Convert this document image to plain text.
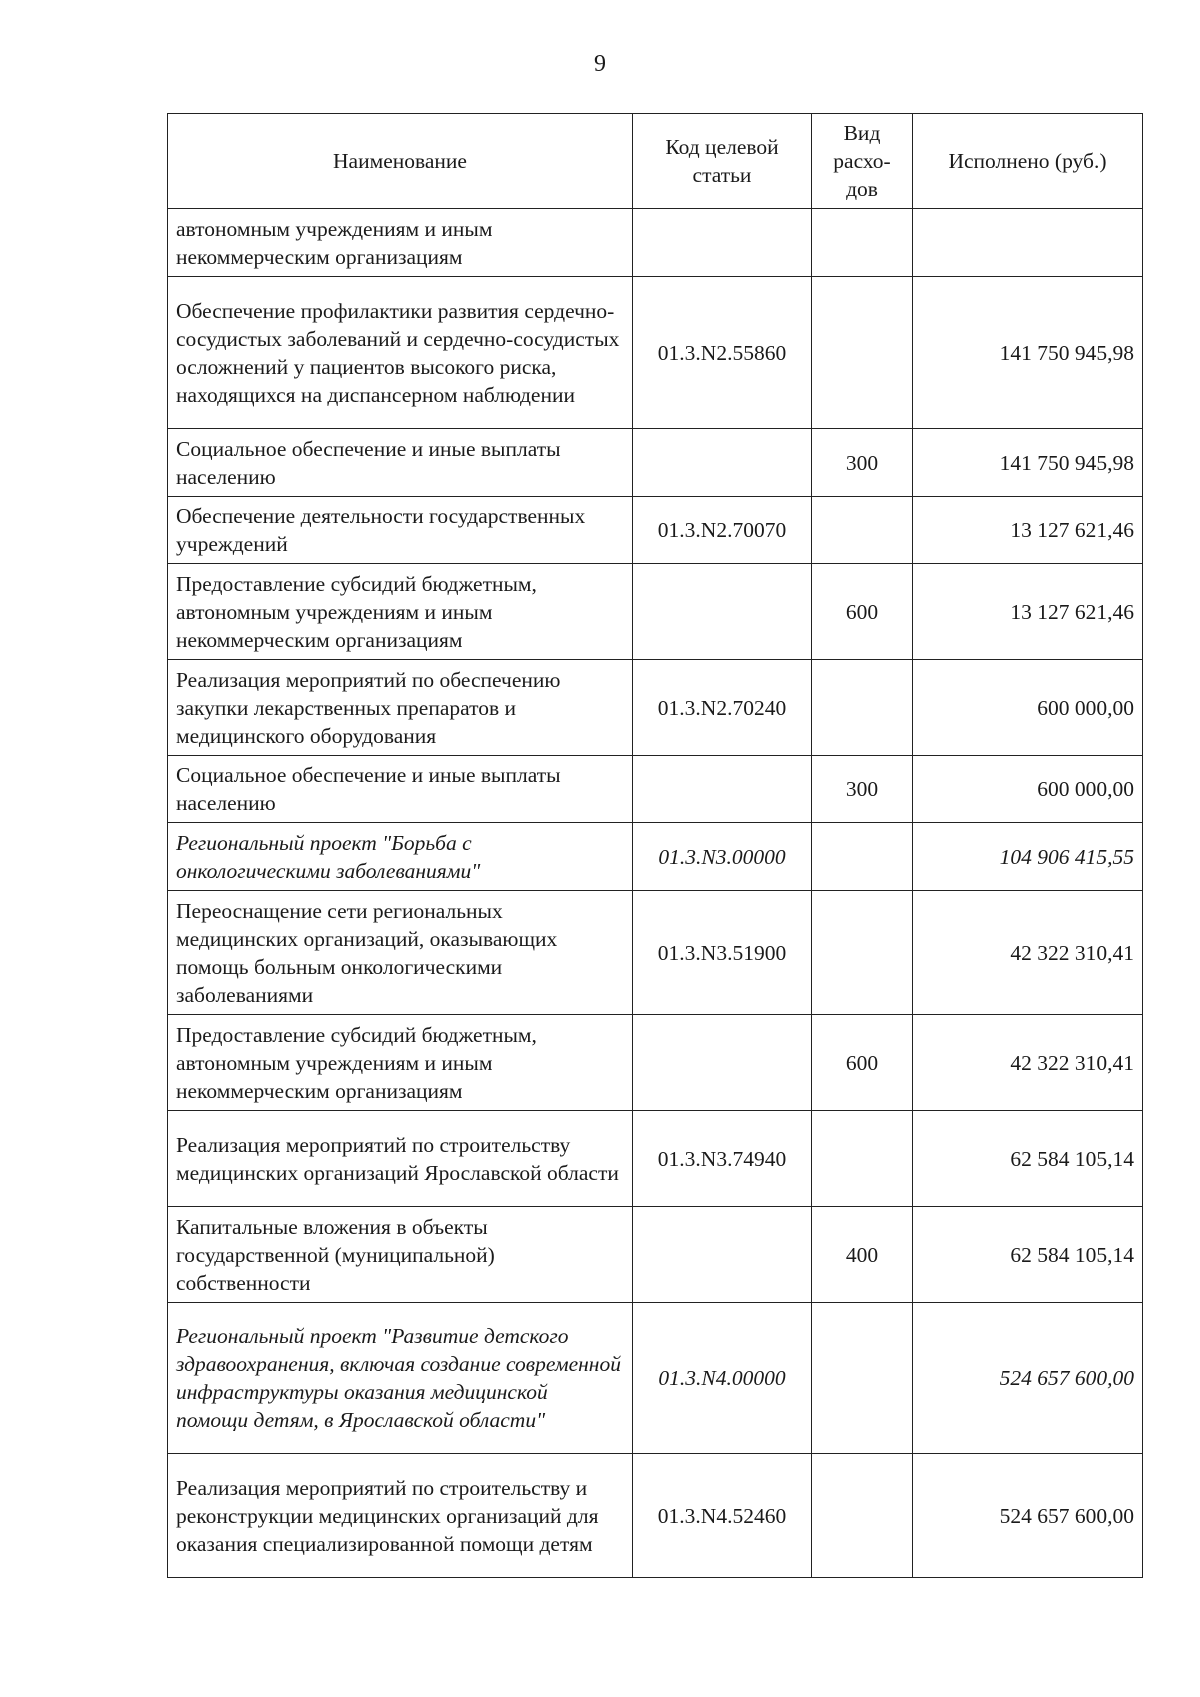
9
Наименование	Код целевой статьи	Вид расхо- дов	Исполнено (руб.)
автономным учреждениям и иным некоммерческим организациям			
Обеспечение профилактики развития сердечно-сосудистых заболеваний и сердечно-сосудистых осложнений у пациентов высокого риска, находящихся на диспансерном наблюдении	01.3.N2.55860		141 750 945,98
Социальное обеспечение и иные выплаты населению		300	141 750 945,98
Обеспечение деятельности государственных учреждений	01.3.N2.70070		13 127 621,46
Предоставление субсидий бюджетным, автономным учреждениям и иным некоммерческим организациям		600	13 127 621,46
Реализация мероприятий по обеспечению закупки лекарственных препаратов и медицинского оборудования	01.3.N2.70240		600 000,00
Социальное обеспечение и иные выплаты населению		300	600 000,00
Региональный проект "Борьба с онкологическими заболеваниями"	01.3.N3.00000		104 906 415,55
Переоснащение сети региональных медицинских организаций, оказывающих помощь больным онкологическими заболеваниями	01.3.N3.51900		42 322 310,41
Предоставление субсидий бюджетным, автономным учреждениям и иным некоммерческим организациям		600	42 322 310,41
Реализация мероприятий по строительству медицинских организаций Ярославской области	01.3.N3.74940		62 584 105,14
Капитальные вложения в объекты государственной (муниципальной) собственности		400	62 584 105,14
Региональный проект "Развитие детского здравоохранения, включая создание современной инфраструктуры оказания медицинской помощи детям, в Ярославской области"	01.3.N4.00000		524 657 600,00
Реализация мероприятий по строительству и реконструкции медицинских организаций для оказания специализированной помощи детям	01.3.N4.52460		524 657 600,00
